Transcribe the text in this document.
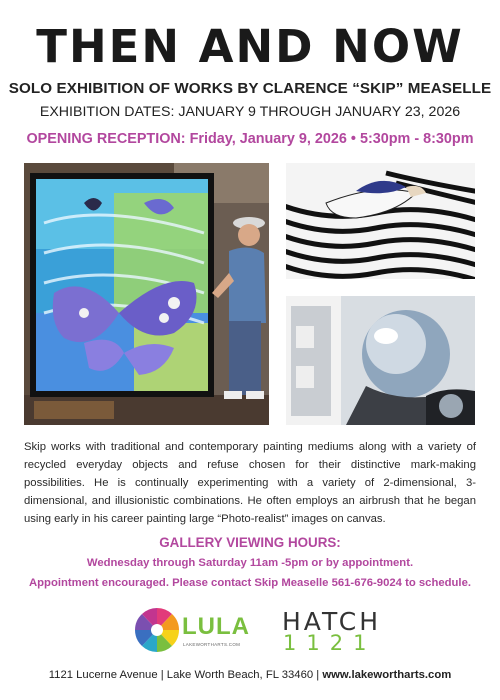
THEN AND NOW
SOLO EXHIBITION OF WORKS BY CLARENCE “SKIP” MEASELLE
EXHIBITION DATES: JANUARY 9 THROUGH JANUARY 23, 2026
OPENING RECEPTION: Friday, January 9, 2026 • 5:30pm - 8:30pm
Skip works with traditional and contemporary painting mediums along with a variety of recycled everyday objects and refuse chosen for their distinctive mark-making possibilities. He is continually experimenting with a variety of 2-dimensional, 3-dimensional, and illusionistic combinations. He often employs an airbrush that he began using early in his career painting large “Photo-realist” images on canvas.
GALLERY VIEWING HOURS:
Wednesday through Saturday 11am -5pm or by appointment.
Appointment encouraged. Please contact Skip Measelle 561-676-9024 to schedule.
LULA
LAKEWORTHARTS.COM
HATCH
1121
1121 Lucerne Avenue | Lake Worth Beach, FL 33460 | www.lakewortharts.com
